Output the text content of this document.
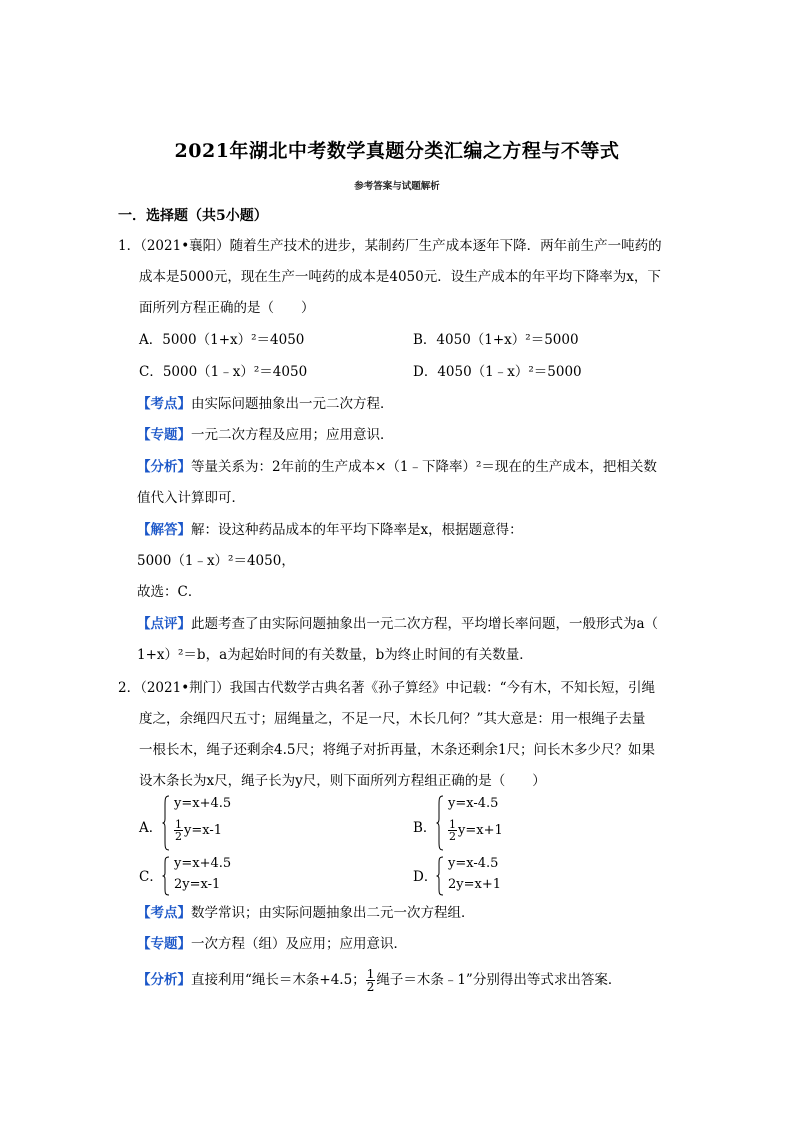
2021年湖北中考数学真题分类汇编之方程与不等式
参考答案与试题解析
一．选择题（共5小题）
1．（2021•襄阳）随着生产技术的进步，某制药厂生产成本逐年下降．两年前生产一吨药的
成本是5000元，现在生产一吨药的成本是4050元．设生产成本的年平均下降率为x，下
面所列方程正确的是（　　）
A．5000（1+x）²＝4050	B．4050（1+x）²＝5000
C．5000（1﹣x）²＝4050	D．4050（1﹣x）²＝5000
【考点】由实际问题抽象出一元二次方程．
【专题】一元二次方程及应用；应用意识．
【分析】等量关系为：2年前的生产成本×（1﹣下降率）²＝现在的生产成本，把相关数
值代入计算即可．
【解答】解：设这种药品成本的年平均下降率是x，根据题意得：
5000（1﹣x）²＝4050，
故选：C．
【点评】此题考查了由实际问题抽象出一元二次方程，平均增长率问题，一般形式为a（
1+x）²＝b，a为起始时间的有关数量，b为终止时间的有关数量．
2．（2021•荆门）我国古代数学古典名著《孙子算经》中记载：“今有木，不知长短，引绳
度之，余绳四尺五寸；屈绳量之，不足一尺，木长几何？”其大意是：用一根绳子去量
一根长木，绳子还剩余4.5尺；将绳子对折再量，木条还剩余1尺；问长木多少尺？如果
设木条长为x尺，绳子长为y尺，则下面所列方程组正确的是（　　）
A．
y=x+4.5
$\frac{1}{2} y=x-1$	B．
y=x-4.5
$\frac{1}{2} y=x+1$
C．
y=x+4.5
2y=x-1	D．
y=x-4.5
2y=x+1
【考点】数学常识；由实际问题抽象出二元一次方程组．
【专题】一次方程（组）及应用；应用意识．
【分析】直接利用“绳长＝木条+4.5； $\frac{1}{2}$ 绳子＝木条﹣1”分别得出等式求出答案．
